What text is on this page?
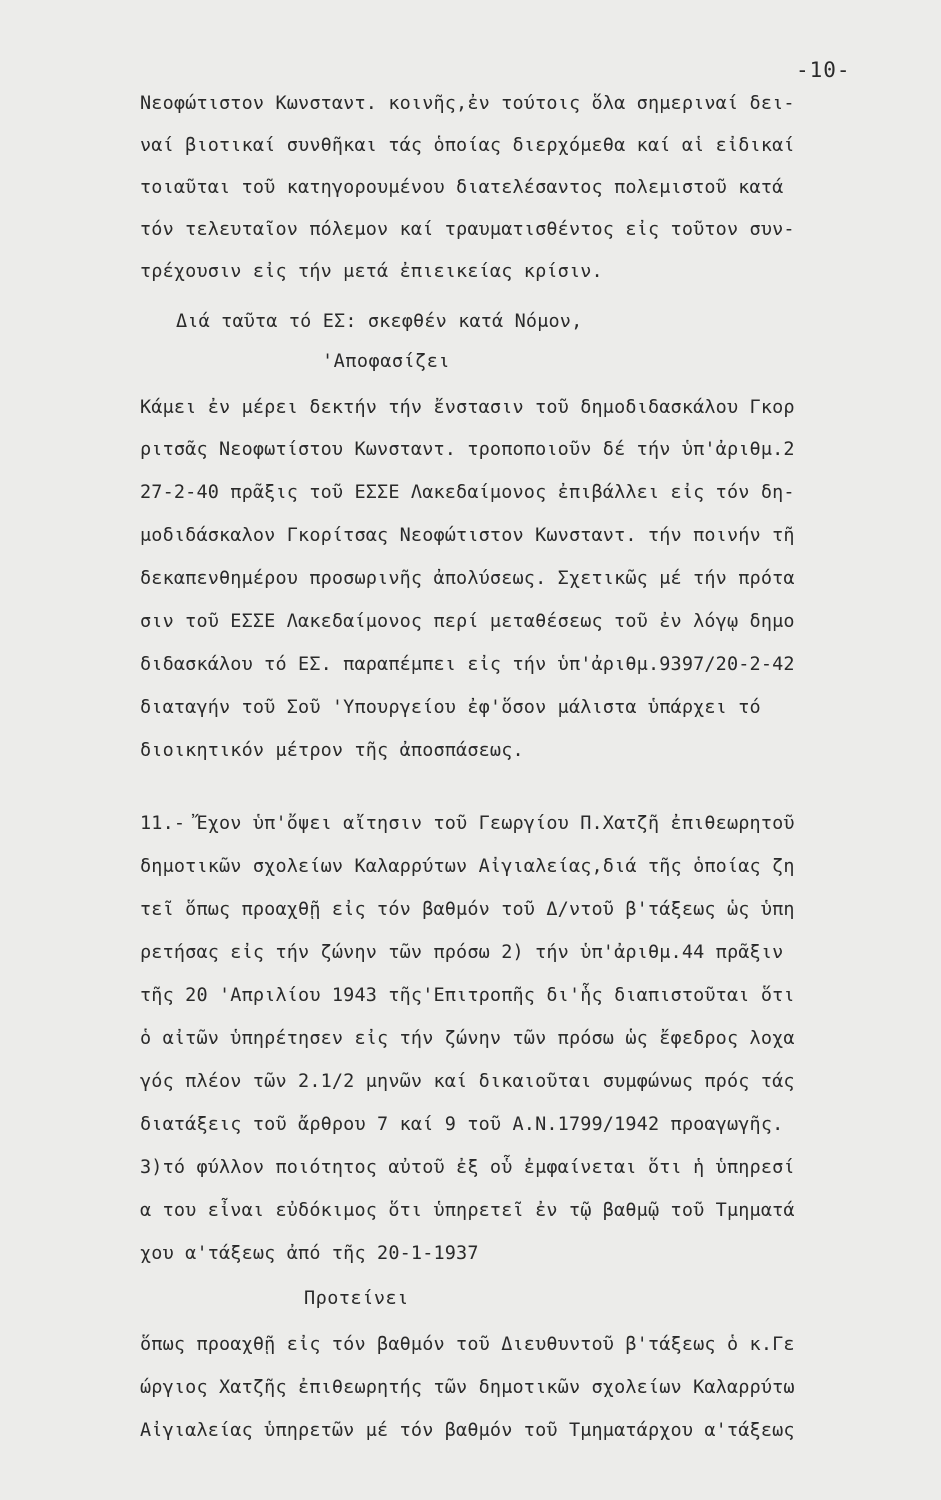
-10-
Νεοφώτιστον Κωνσταντ. κοινῆς,ἐν τούτοις ὅλα σημεριναί δει-
ναί βιοτικαί συνθῆκαι τάς ὁποίας διερχόμεθα καί αἱ εἰδικαί
τοιαῦται τοῦ κατηγορουμένου διατελέσαντος πολεμιστοῦ κατά
τόν τελευταῖον πόλεμον καί τραυματισθέντος εἰς τοῦτον συν-
τρέχουσιν εἰς τήν μετά ἐπιεικείας κρίσιν.
Διά ταῦτα τό ΕΣ: σκεφθέν κατά Νόμον,
'Αποφασίζει
Κάμει ἐν μέρει δεκτήν τήν ἔνστασιν τοῦ δημοδιδασκάλου Γκορ
ριτσᾶς Νεοφωτίστου Κωνσταντ. τροποποιοῦν δέ τήν ὑπ'ἀριθμ.2
27-2-40 πρᾶξις τοῦ ΕΣΣΕ Λακεδαίμονος ἐπιβάλλει εἰς τόν δη-
μοδιδάσκαλον Γκορίτσας Νεοφώτιστον Κωνσταντ. τήν ποινήν τῆ
δεκαπενθημέρου προσωρινῆς ἀπολύσεως. Σχετικῶς μέ τήν πρότα
σιν τοῦ ΕΣΣΕ Λακεδαίμονος περί μεταθέσεως τοῦ ἐν λόγῳ δημο
διδασκάλου τό ΕΣ. παραπέμπει εἰς τήν ὑπ'ἀριθμ.9397/20-2-42
διαταγήν τοῦ Σοῦ 'Υπουργείου ἐφ'ὅσον μάλιστα ὑπάρχει τό
διοικητικόν μέτρον τῆς ἀποσπάσεως.
11.- Ἔχον ὑπ'ὄψει αἴτησιν τοῦ Γεωργίου Π.Χατζῆ ἐπιθεωρητοῦ
δημοτικῶν σχολείων Καλαρρύτων Αἰγιαλείας,διά τῆς ὁποίας ζη
τεῖ ὅπως προαχθῇ εἰς τόν βαθμόν τοῦ Δ/ντοῦ β'τάξεως ὡς ὑπη
ρετήσας εἰς τήν ζώνην τῶν πρόσω 2) τήν ὑπ'ἀριθμ.44 πρᾶξιν
τῆς 20 'Απριλίου 1943 τῆς'Επιτροπῆς δι'ἧς διαπιστοῦται ὅτι
ὁ αἰτῶν ὑπηρέτησεν εἰς τήν ζώνην τῶν πρόσω ὡς ἔφεδρος λοχα
γός πλέον τῶν 2.1/2 μηνῶν καί δικαιοῦται συμφώνως πρός τάς
διατάξεις τοῦ ἄρθρου 7 καί 9 τοῦ Α.Ν.1799/1942 προαγωγῆς.
3)τό φύλλον ποιότητος αὐτοῦ ἐξ οὗ ἐμφαίνεται ὅτι ἡ ὑπηρεσί
α του εἶναι εὐδόκιμος ὅτι ὑπηρετεῖ ἐν τῷ βαθμῷ τοῦ Τμηματά
χου α'τάξεως ἀπό τῆς 20-1-1937
Προτείνει
ὅπως προαχθῇ εἰς τόν βαθμόν τοῦ Διευθυντοῦ β'τάξεως ὁ κ.Γε
ώργιος Χατζῆς ἐπιθεωρητής τῶν δημοτικῶν σχολείων Καλαρρύτω
Αἰγιαλείας ὑπηρετῶν μέ τόν βαθμόν τοῦ Τμηματάρχου α'τάξεως
